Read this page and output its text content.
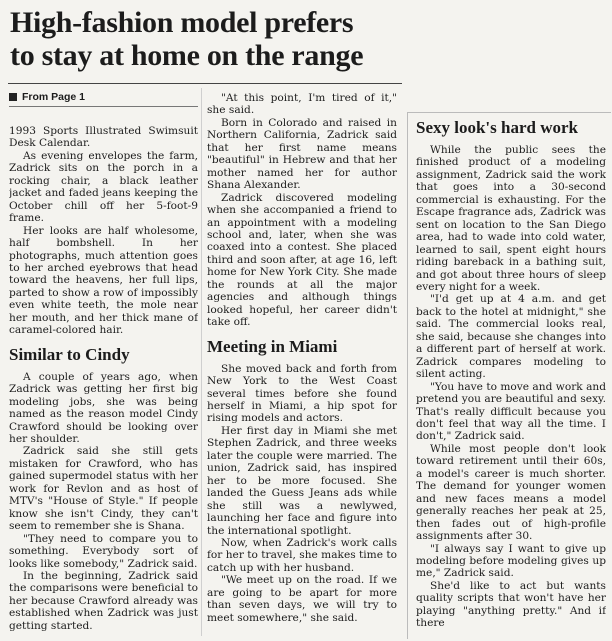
High-fashion model prefers
to stay at home on the range
From Page 1

1993 Sports Illustrated Swimsuit Desk Calendar.

As evening envelopes the farm, Zadrick sits on the porch in a rocking chair, a black leather jacket and faded jeans keeping the October chill off her 5-foot-9 frame.

Her looks are half wholesome, half bombshell. In her photographs, much attention goes to her arched eyebrows that head toward the heavens, her full lips, parted to show a row of impossibly even white teeth, the mole near her mouth, and her thick mane of caramel-colored hair.

Similar to Cindy

A couple of years ago, when Zadrick was getting her first big modeling jobs, she was being named as the reason model Cindy Crawford should be looking over her shoulder.

Zadrick said she still gets mistaken for Crawford, who has gained supermodel status with her work for Revlon and as host of MTV's "House of Style." If people know she isn't Cindy, they can't seem to remember she is Shana.

"They need to compare you to something. Everybody sort of looks like somebody," Zadrick said.

In the beginning, Zadrick said the comparisons were beneficial to her because Crawford already was established when Zadrick was just getting started.

"At this point, I'm tired of it," she said.

Born in Colorado and raised in Northern California, Zadrick said that her first name means "beautiful" in Hebrew and that her mother named her for author Shana Alexander.

Zadrick discovered modeling when she accompanied a friend to an appointment with a modeling school and, later, when she was coaxed into a contest. She placed third and soon after, at age 16, left home for New York City. She made the rounds at all the major agencies and although things looked hopeful, her career didn't take off.

Meeting in Miami

She moved back and forth from New York to the West Coast several times before she found herself in Miami, a hip spot for rising models and actors.

Her first day in Miami she met Stephen Zadrick, and three weeks later the couple were married. The union, Zadrick said, has inspired her to be more focused. She landed the Guess Jeans ads while she still was a newlywed, launching her face and figure into the international spotlight.

Now, when Zadrick's work calls for her to travel, she makes time to catch up with her husband.

"We meet up on the road. If we are going to be apart for more than seven days, we will try to meet somewhere," she said.

Sexy look's hard work

While the public sees the finished product of a modeling assignment, Zadrick said the work that goes into a 30-second commercial is exhausting. For the Escape fragrance ads, Zadrick was sent on location to the San Diego area, had to wade into cold water, learned to sail, spent eight hours riding bareback in a bathing suit, and got about three hours of sleep every night for a week.

"I'd get up at 4 a.m. and get back to the hotel at midnight," she said. The commercial looks real, she said, because she changes into a different part of herself at work. Zadrick compares modeling to silent acting.

"You have to move and work and pretend you are beautiful and sexy. That's really difficult because you don't feel that way all the time. I don't," Zadrick said.

While most people don't look toward retirement until their 60s, a model's career is much shorter. The demand for younger women and new faces means a model generally reaches her peak at 25, then fades out of high-profile assignments after 30.

"I always say I want to give up modeling before modeling gives up me," Zadrick said.

She'd like to act but wants quality scripts that won't have her playing "anything pretty." And if there
